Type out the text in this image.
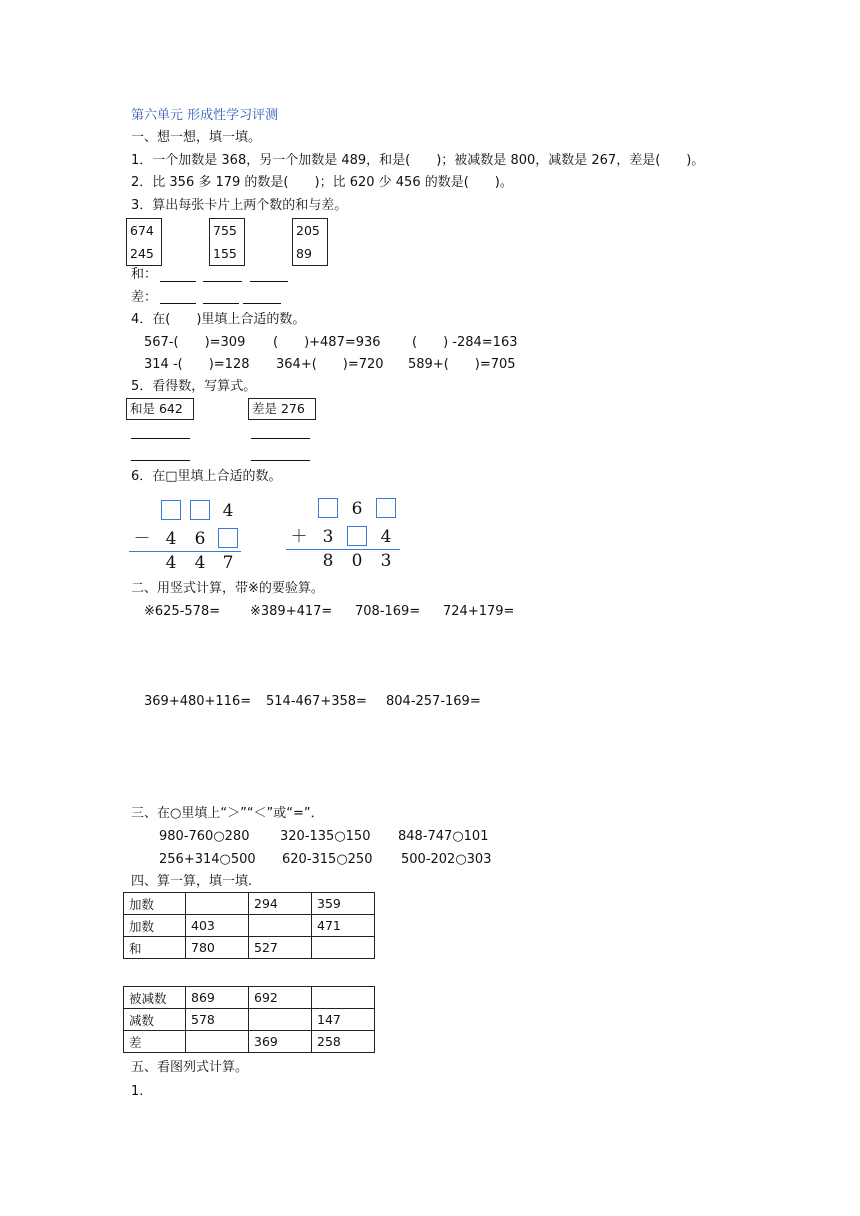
第六单元 形成性学习评测
一、想一想，填一填。
1．一个加数是 368，另一个加数是 489，和是(　　)；被减数是 800，减数是 267，差是(　　)。
2．比 356 多 179 的数是(　　)；比 620 少 456 的数是(　　)。
3．算出每张卡片上两个数的和与差。
674
245
755
155
205
89
和：
差：
4．在(　　)里填上合适的数。
567-(　　)=309 (　　)+487=936 (　　) -284=163
314 -(　　)=128 364+(　　)=720 589+(　　)=705
5．看得数，写算式。
和是 642	差是 276
6．在□里填上合适的数。
4
－ 4 6
4 4 7
6
＋ 3	4
8 0 3
二、用竖式计算，带※的要验算。
※625-578= ※389+417= 708-169= 724+179=
369+480+116= 514-467+358= 804-257-169=
三、在○里填上“＞”“＜”或“=”．
980-760○280 320-135○150 848-747○101
256+314○500 620-315○250 500-202○303
四、算一算，填一填.
加数		294	359
加数	403		471
和	780	527	
被减数	869	692	
减数	578		147
差		369	258
五、看图列式计算。
1.
